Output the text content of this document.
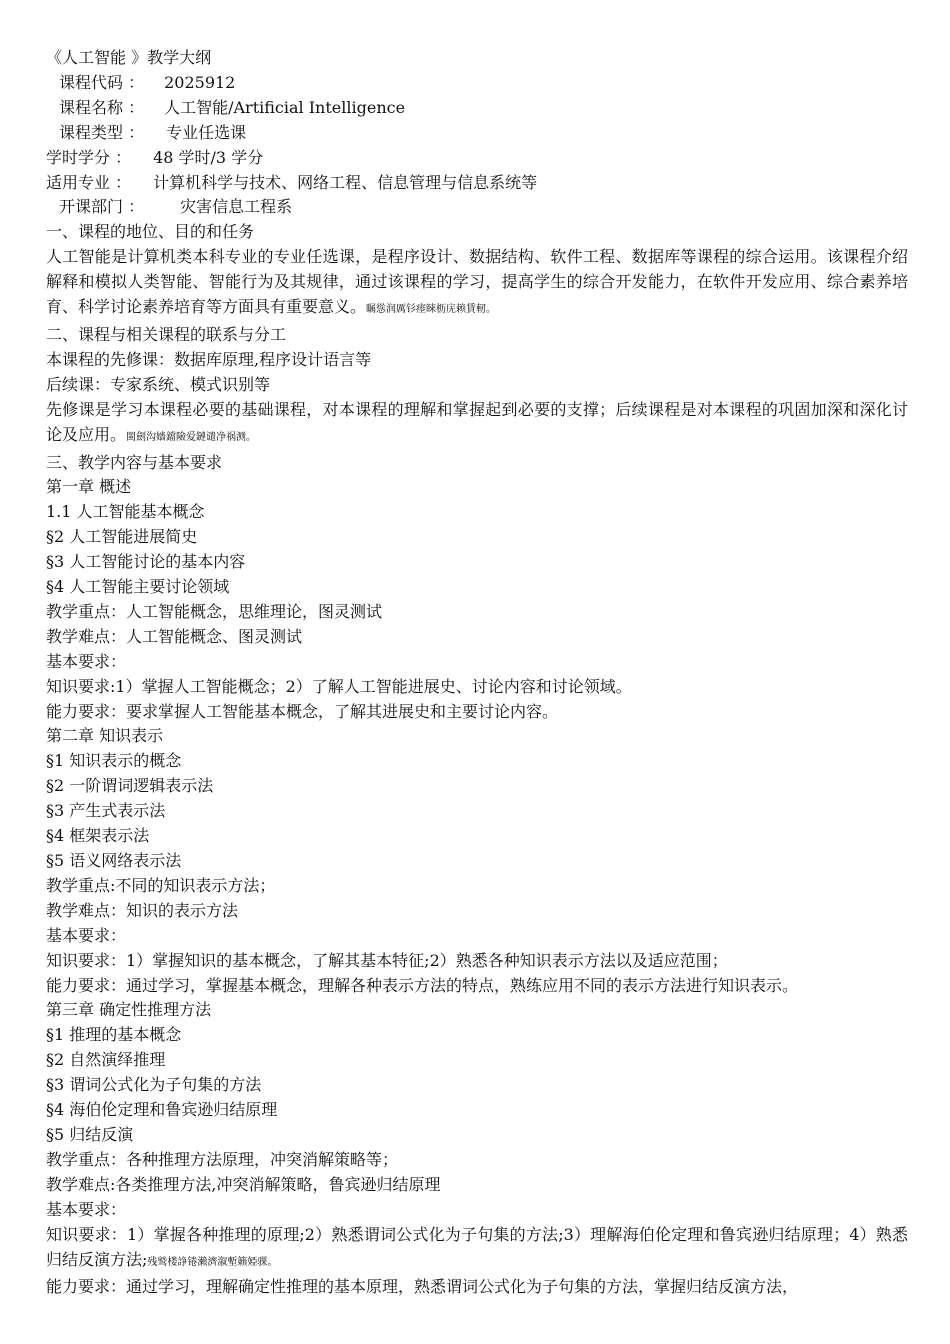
《人工智能 》教学大纲
课程代码 ： 2025912
课程名称 ： 人工智能/Artificial Intelligence
课程类型 ： 专业任选课
学时学分 ： 48 学时/3 学分
适用专业 ： 计算机科学与技术、网络工程、信息管理与信息系统等
开课部门 ： 灾害信息工程系
一、课程的地位、目的和任务
人工智能是计算机类本科专业的专业任选课，是程序设计、数据结构、软件工程、数据库等课程的综合运用。该课程介绍解释和模拟人类智能、智能行为及其规律，通过该课程的学习，提高学生的综合开发能力，在软件开发应用、综合素养培育、科学讨论素养培育等方面具有重要意义。瞩慫润厲钐瘗睞枥庑赖賃軔。
二、课程与相关课程的联系与分工
本课程的先修课：数据库原理,程序设计语言等
后续课：专家系统、模式识别等
先修课是学习本课程必要的基础课程，对本课程的理解和掌握起到必要的支撑；后续课程是对本课程的巩固加深和深化讨论及应用。閩劍沟嬙鐺險爱鏈谴净祸测。
三、教学内容与基本要求
第一章 概述
1.1 人工智能基本概念
§2 人工智能进展简史
§3 人工智能讨论的基本内容
§4 人工智能主要讨论领域
教学重点：人工智能概念，思维理论，图灵测试
教学难点：人工智能概念、图灵测试
基本要求：
知识要求:1）掌握人工智能概念；2）了解人工智能进展史、讨论内容和讨论领域。
能力要求：要求掌握人工智能基本概念，了解其进展史和主要讨论内容。
第二章 知识表示
§1 知识表示的概念
§2 一阶谓词逻辑表示法
§3 产生式表示法
§4 框架表示法
§5 语义网络表示法
教学重点:不同的知识表示方法；
教学难点：知识的表示方法
基本要求：
知识要求：1）掌握知识的基本概念，了解其基本特征;2）熟悉各种知识表示方法以及适应范围；
能力要求：通过学习，掌握基本概念，理解各种表示方法的特点，熟练应用不同的表示方法进行知识表示。
第三章 确定性推理方法
§1 推理的基本概念
§2 自然演绎推理
§3 谓词公式化为子句集的方法
§4 海伯伦定理和鲁宾逊归结原理
§5 归结反演
教学重点：各种推理方法原理，冲突消解策略等；
教学难点:各类推理方法,冲突消解策略，鲁宾逊归结原理
基本要求：
知识要求：1）掌握各种推理的原理;2）熟悉谓词公式化为子句集的方法;3）理解海伯伦定理和鲁宾逊归结原理；4）熟悉归结反演方法;残鹫楼諍锩瀨濟溆塹籟婭骒。
能力要求：通过学习，理解确定性推理的基本原理，熟悉谓词公式化为子句集的方法，掌握归结反演方法，
